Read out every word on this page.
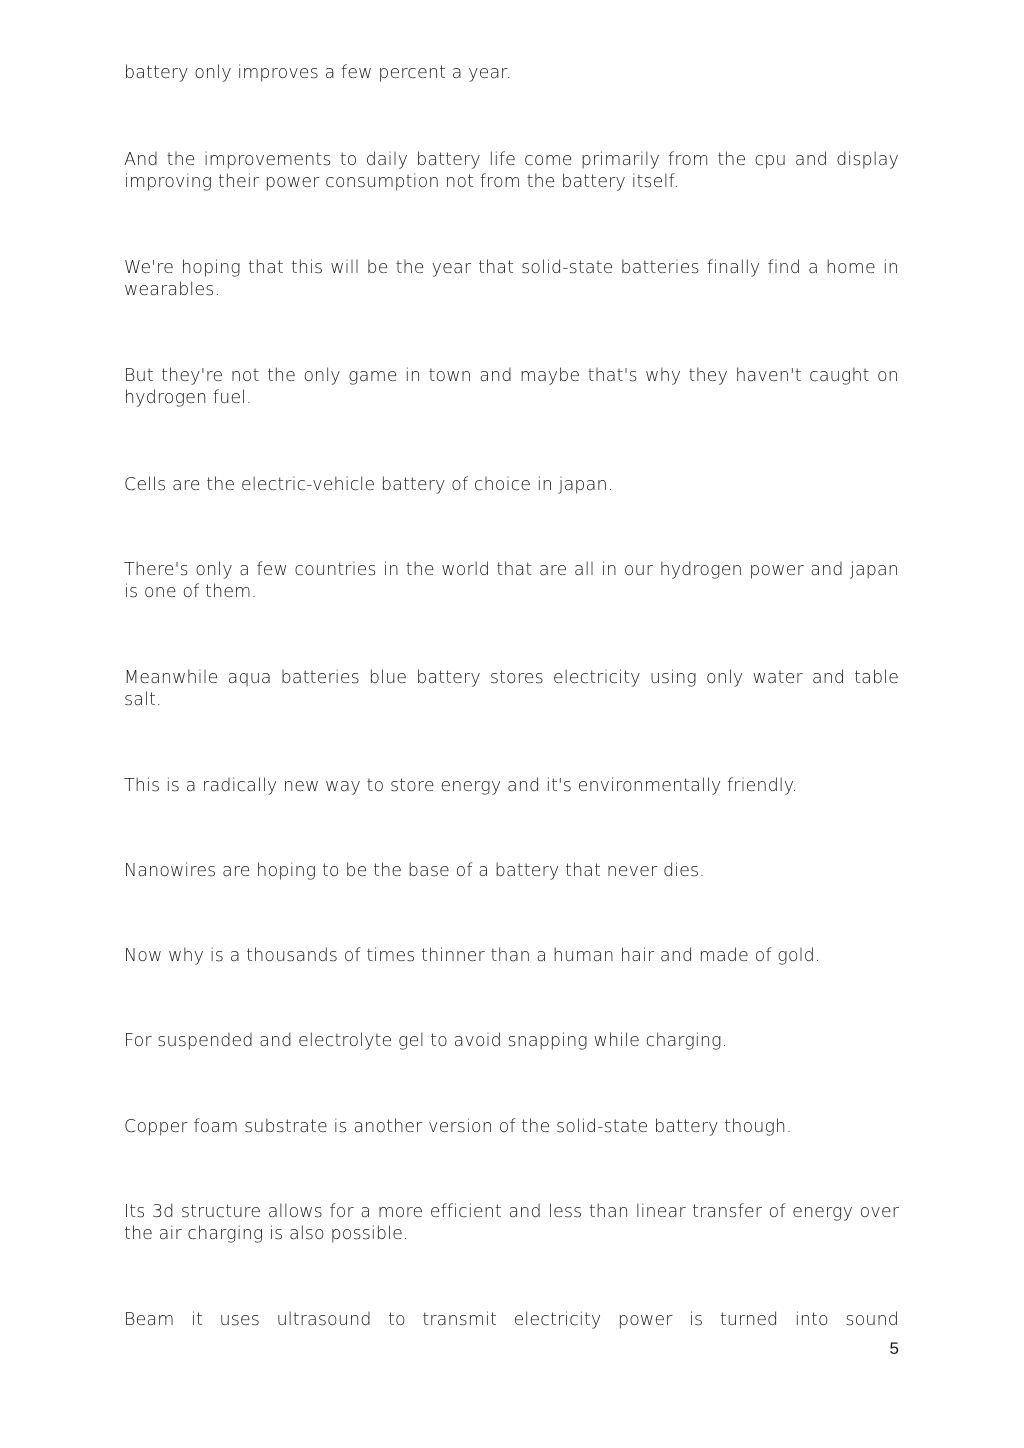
battery only improves a few percent a year.

And the improvements to daily battery life come primarily from the cpu and display improving their power consumption not from the battery itself.

We're hoping that this will be the year that solid-state batteries finally find a home in wearables.

But they're not the only game in town and maybe that's why they haven't caught on hydrogen fuel.

Cells are the electric-vehicle battery of choice in japan.

There's only a few countries in the world that are all in our hydrogen power and japan is one of them.

Meanwhile aqua batteries blue battery stores electricity using only water and table salt.

This is a radically new way to store energy and it's environmentally friendly.

Nanowires are hoping to be the base of a battery that never dies.

Now why is a thousands of times thinner than a human hair and made of gold.

For suspended and electrolyte gel to avoid snapping while charging.

Copper foam substrate is another version of the solid-state battery though.

Its 3d structure allows for a more efficient and less than linear transfer of energy over the air charging is also possible.

Beam it uses ultrasound to transmit electricity power is turned into sound

5
